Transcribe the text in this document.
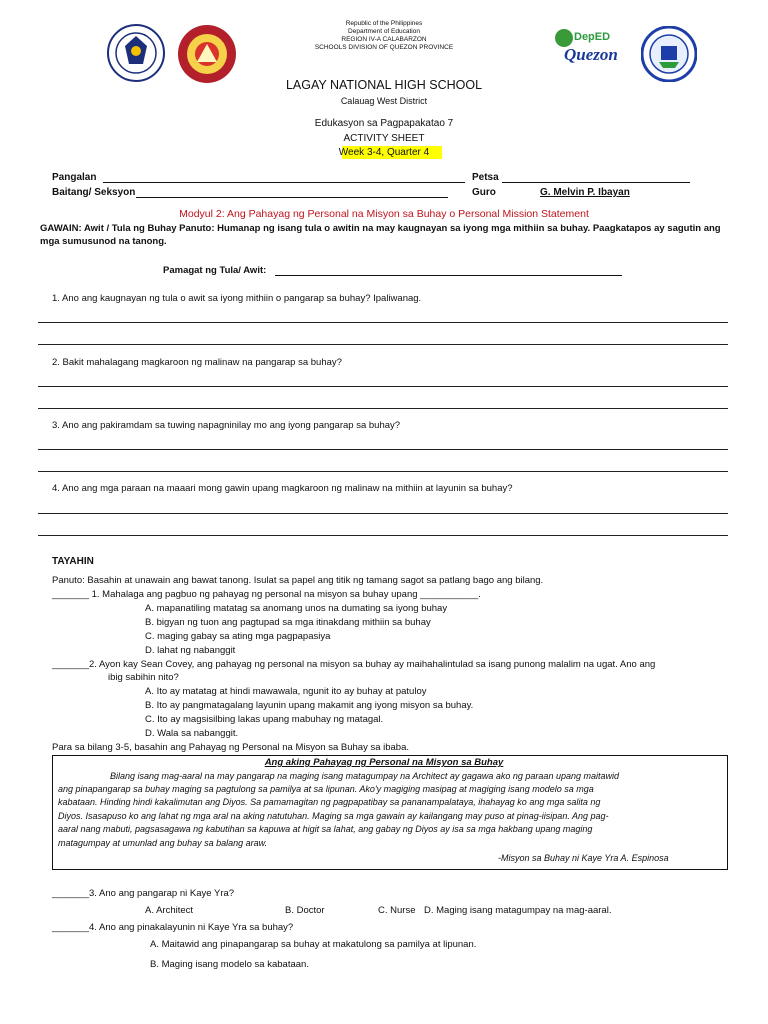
DepED
Quezon
Republic of the Philippines
Department of Education
REGION IV-A CALABARZON
SCHOOLS DIVISION OF QUEZON PROVINCE
LAGAY NATIONAL HIGH SCHOOL
Calauag West District
Edukasyon sa Pagpapakatao 7
ACTIVITY SHEET
Week 3-4, Quarter 4
Pangalan	Petsa
Baitang/ Seksyon	Guro	G. Melvin P. Ibayan
Modyul 2: Ang Pahayag ng Personal na Misyon sa Buhay o Personal Mission Statement
GAWAIN: Awit / Tula ng Buhay Panuto: Humanap ng isang tula o awitin na may kaugnayan sa iyong mga mithiin sa buhay. Paagkatapos ay sagutin ang mga sumusunod na tanong.
Pamagat ng Tula/ Awit:
1. Ano ang kaugnayan ng tula o awit sa iyong mithiin o pangarap sa buhay? Ipaliwanag.
2. Bakit mahalagang magkaroon ng malinaw na pangarap sa buhay?
3. Ano ang pakiramdam sa tuwing napagninilay mo ang iyong pangarap sa buhay?
4. Ano ang mga paraan na maaari mong gawin upang magkaroon ng malinaw na mithiin at layunin sa buhay?
TAYAHIN
Panuto: Basahin at unawain ang bawat tanong. Isulat sa papel ang titik ng tamang sagot sa patlang bago ang bilang.
_______ 1. Mahalaga ang pagbuo ng pahayag ng personal na misyon sa buhay upang ___________.
A. mapanatiling matatag sa anomang unos na dumating sa iyong buhay
B. bigyan ng tuon ang pagtupad sa mga itinakdang mithiin sa buhay
C. maging gabay sa ating mga pagpapasiya
D. lahat ng nabanggit
_______2. Ayon kay Sean Covey, ang pahayag ng personal na misyon sa buhay ay maihahalintulad sa isang punong malalim na ugat. Ano ang
ibig sabihin nito?
A. Ito ay matatag at hindi mawawala, ngunit ito ay buhay at patuloy
B. Ito ay pangmatagalang layunin upang makamit ang iyong misyon sa buhay.
C. Ito ay magsisilbing lakas upang mabuhay ng matagal.
D. Wala sa nabanggit.
Para sa bilang 3-5, basahin ang Pahayag ng Personal na Misyon sa Buhay sa ibaba.
Ang aking Pahayag ng Personal na Misyon sa Buhay
Bilang isang mag-aaral na may pangarap na maging isang matagumpay na Architect ay gagawa ako ng paraan upang maitawid
ang pinapangarap sa buhay maging sa pagtulong sa pamilya at sa lipunan. Ako'y magiging masipag at magiging isang modelo sa mga
kabataan. Hinding hindi kakalimutan ang Diyos. Sa pamamagitan ng pagpapatibay sa pananampalataya, ihahayag ko ang mga salita ng
Diyos. Isasapuso ko ang lahat ng mga aral na aking natutuhan. Maging sa mga gawain ay kailangang may puso at pinag-iisipan. Ang pag-
aaral nang mabuti, pagsasagawa ng kabutihan sa kapuwa at higit sa lahat, ang gabay ng Diyos ay isa sa mga hakbang upang maging
matagumpay at umunlad ang buhay sa balang araw.
-Misyon sa Buhay ni Kaye Yra A. Espinosa
_______3. Ano ang pangarap ni Kaye Yra?
A. Architect	B. Doctor	C. Nurse D. Maging isang matagumpay na mag-aaral.
_______4. Ano ang pinakalayunin ni Kaye Yra sa buhay?
A. Maitawid ang pinapangarap sa buhay at makatulong sa pamilya at lipunan.
B. Maging isang modelo sa kabataan.
